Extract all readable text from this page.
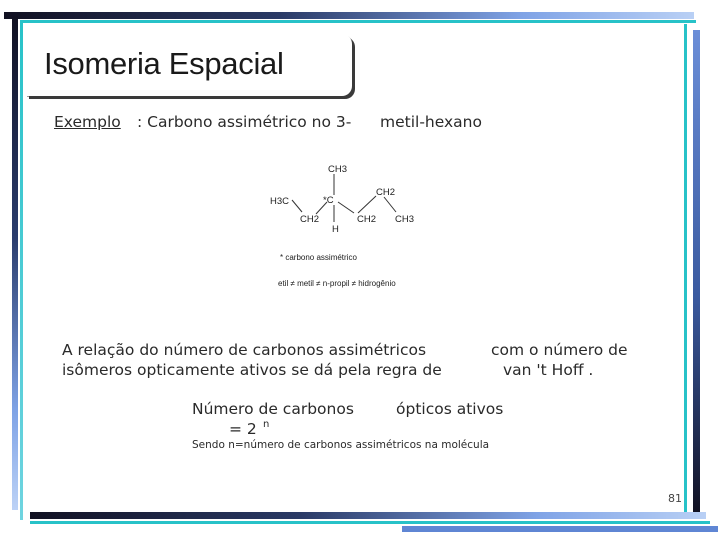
Isomeria Espacial
Exemplo : Carbono assimétrico no 3- metil-hexano
CH3
H3C	*C
CH2	CH2
CH2
CH3
H
* carbono assimétrico
etil ≠ metil ≠ n-propil ≠ hidrogênio
A relação do número de carbonos assimétricos	com o número de
isômeros opticamente ativos se dá pela regra de	van 't Hoff .
Número de carbonos	ópticos ativos
= 2 n
Sendo n=número de carbonos assimétricos na molécula
81
